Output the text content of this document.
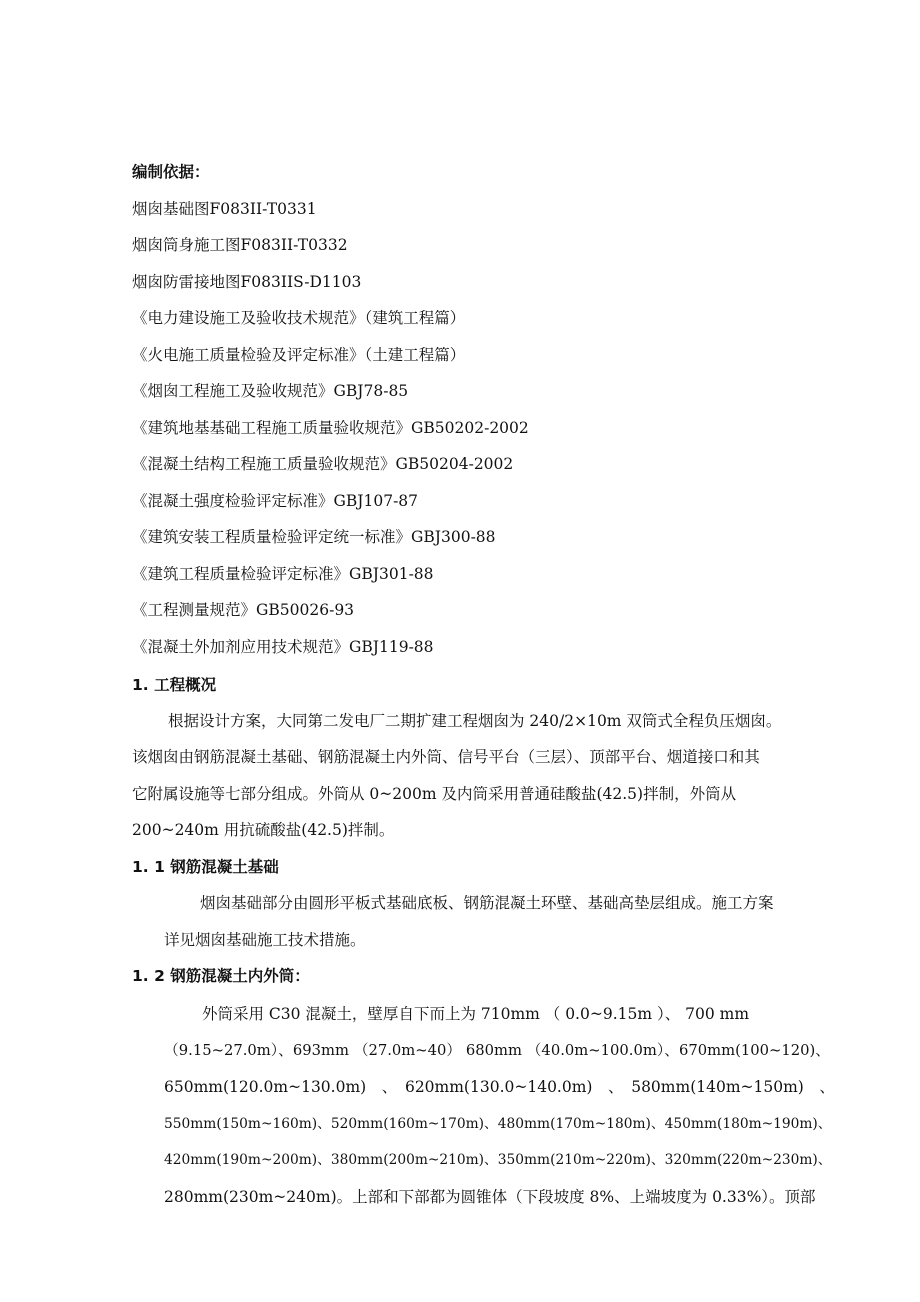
编制依据：
烟囱基础图F083II-T0331
烟囱筒身施工图F083II-T0332
烟囱防雷接地图F083IIS-D1103
《电力建设施工及验收技术规范》（建筑工程篇）
《火电施工质量检验及评定标准》（土建工程篇）
《烟囱工程施工及验收规范》GBJ78-85
《建筑地基基础工程施工质量验收规范》GB50202-2002
《混凝土结构工程施工质量验收规范》GB50204-2002
《混凝土强度检验评定标准》GBJ107-87
《建筑安装工程质量检验评定统一标准》GBJ300-88
《建筑工程质量检验评定标准》GBJ301-88
《工程测量规范》GB50026-93
《混凝土外加剂应用技术规范》GBJ119-88
1. 工程概况
根据设计方案，大同第二发电厂二期扩建工程烟囱为 240/2×10m 双筒式全程负压烟囱。
该烟囱由钢筋混凝土基础、钢筋混凝土内外筒、信号平台（三层）、顶部平台、烟道接口和其
它附属设施等七部分组成。外筒从 0~200m 及内筒采用普通硅酸盐(42.5)拌制，外筒从
200~240m 用抗硫酸盐(42.5)拌制。
1. 1 钢筋混凝土基础
烟囱基础部分由圆形平板式基础底板、钢筋混凝土环壁、基础高垫层组成。施工方案
详见烟囱基础施工技术措施。
1. 2 钢筋混凝土内外筒：
外筒采用 C30 混凝土，壁厚自下而上为 710mm （ 0.0~9.15m ）、 700 mm
（9.15~27.0m）、693mm （27.0m~40） 680mm （40.0m~100.0m）、670mm(100~120)、
650mm(120.0m~130.0m)　、　620mm(130.0~140.0m)　、　580mm(140m~150m)　、
550mm(150m~160m)、520mm(160m~170m)、480mm(170m~180m)、450mm(180m~190m)、
420mm(190m~200m)、380mm(200m~210m)、350mm(210m~220m)、320mm(220m~230m)、
280mm(230m~240m)。上部和下部都为圆锥体（下段坡度 8%、上端坡度为 0.33%）。顶部
